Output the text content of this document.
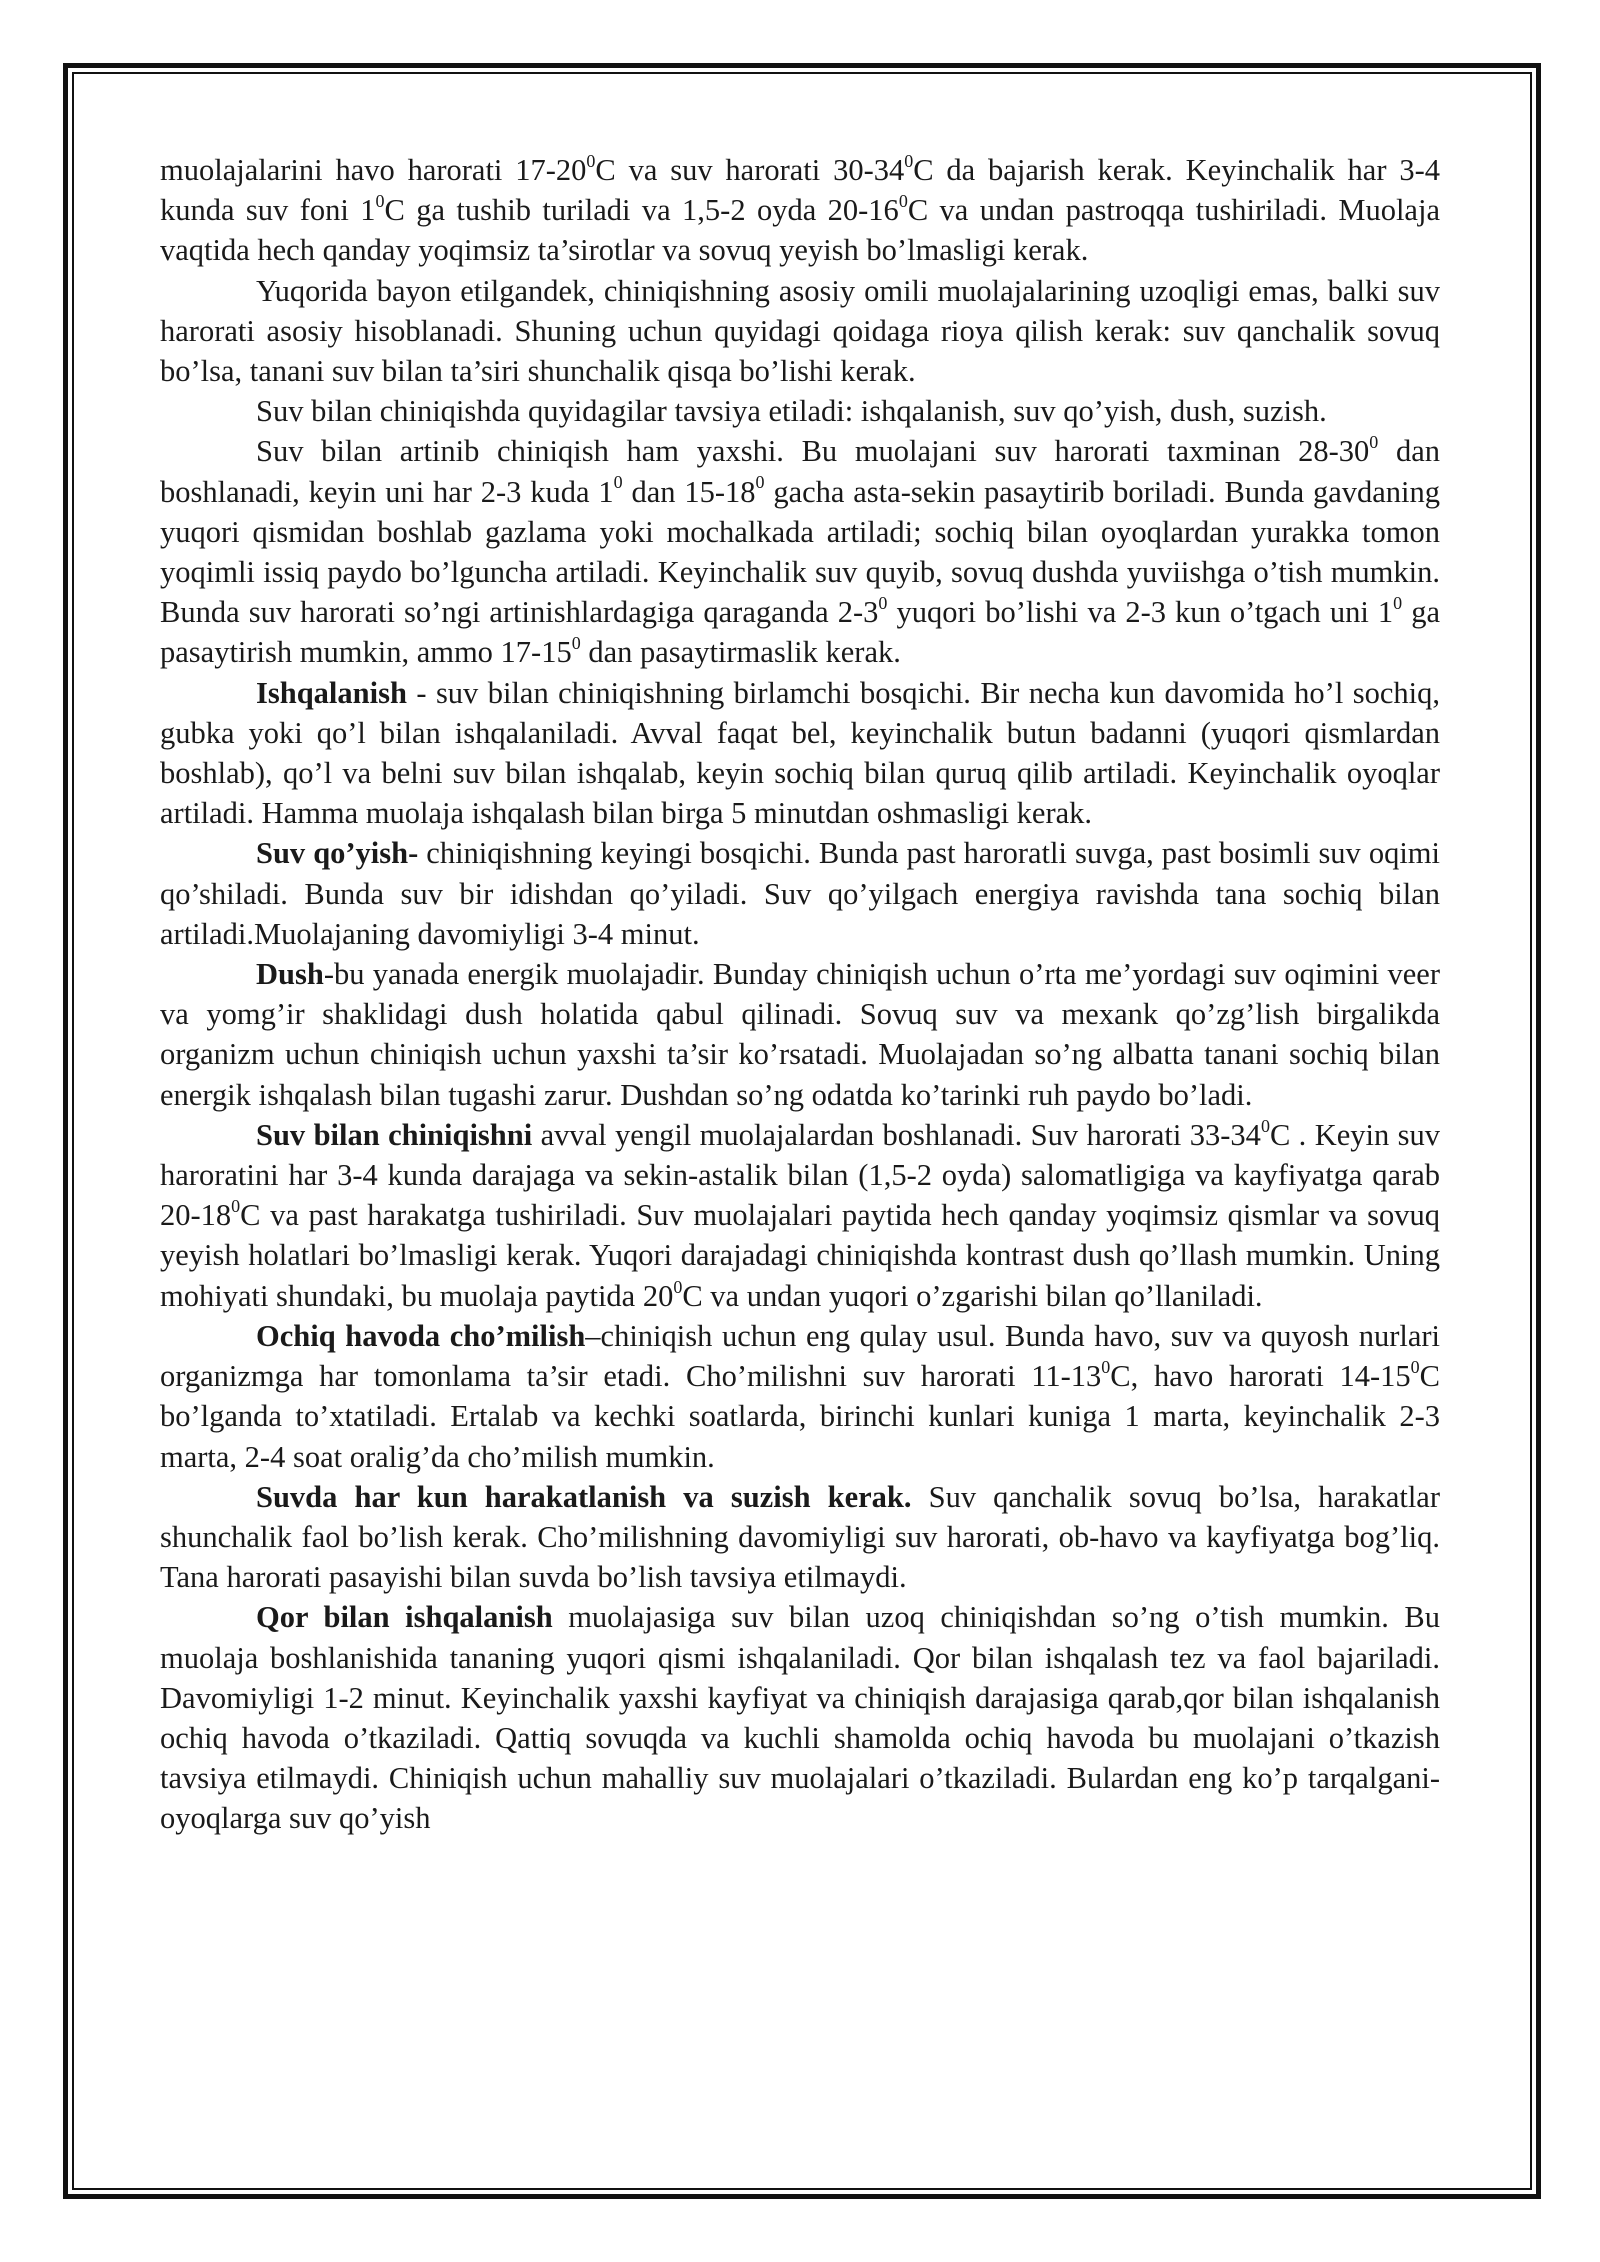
muolajalarini havo harorati $17-20^0C$ va suv harorati $30-34^0C$ da bajarish kerak. Keyinchalik har 3-4 kunda suv foni $1^0C$ ga tushib turiladi va 1,5-2 oyda $20-16^0C$ va undan pastroqqa tushiriladi. Muolaja vaqtida hech qanday yoqimsiz ta’sirotlar va sovuq yeyish bo’lmasligi kerak.

Yuqorida bayon etilgandek, chiniqishning asosiy omili muolajalarining uzoqligi emas, balki suv harorati asosiy hisoblanadi. Shuning uchun quyidagi qoidaga rioya qilish kerak: suv qanchalik sovuq bo’lsa, tanani suv bilan ta’siri shunchalik qisqa bo’lishi kerak.

Suv bilan chiniqishda quyidagilar tavsiya etiladi: ishqalanish, suv qo’yish, dush, suzish.

Suv bilan artinib chiniqish ham yaxshi. Bu muolajani suv harorati taxminan $28-30^0$ dan boshlanadi, keyin uni har 2-3 kuda $1^0$ dan $15-18^0$ gacha asta-sekin pasaytirib boriladi. Bunda gavdaning yuqori qismidan boshlab gazlama yoki mochalkada artiladi; sochiq bilan oyoqlardan yurakka tomon yoqimli issiq paydo bo’lguncha artiladi. Keyinchalik suv quyib, sovuq dushda yuviishga o’tish mumkin. Bunda suv harorati so’ngi artinishlardagiga qaraganda $2-3^0$ yuqori bo’lishi va 2-3 kun o’tgach uni $1^0$ ga pasaytirish mumkin, ammo $17-15^0$ dan pasaytirmaslik kerak.

Ishqalanish - suv bilan chiniqishning birlamchi bosqichi. Bir necha kun davomida ho’l sochiq, gubka yoki qo’l bilan ishqalaniladi. Avval faqat bel, keyinchalik butun badanni (yuqori qismlardan boshlab), qo’l va belni suv bilan ishqalab, keyin sochiq bilan quruq qilib artiladi. Keyinchalik oyoqlar artiladi. Hamma muolaja ishqalash bilan birga 5 minutdan oshmasligi kerak.

Suv qo’yish- chiniqishning keyingi bosqichi. Bunda past haroratli suvga, past bosimli suv oqimi qo’shiladi. Bunda suv bir idishdan qo’yiladi. Suv qo’yilgach energiya ravishda tana sochiq bilan artiladi.Muolajaning davomiyligi 3-4 minut.

Dush-bu yanada energik muolajadir. Bunday chiniqish uchun o’rta me’yordagi suv oqimini veer va yomg’ir shaklidagi dush holatida qabul qilinadi. Sovuq suv va mexank qo’zg’lish birgalikda organizm uchun chiniqish uchun yaxshi ta’sir ko’rsatadi. Muolajadan so’ng albatta tanani sochiq bilan energik ishqalash bilan tugashi zarur. Dushdan so’ng odatda ko’tarinki ruh paydo bo’ladi.

Suv bilan chiniqishni avval yengil muolajalardan boshlanadi. Suv harorati $33-34^0C$ . Keyin suv haroratini har 3-4 kunda darajaga va sekin-astalik bilan (1,5-2 oyda) salomatligiga va kayfiyatga qarab $20-18^0C$ va past harakatga tushiriladi. Suv muolajalari paytida hech qanday yoqimsiz qismlar va sovuq yeyish holatlari bo’lmasligi kerak. Yuqori darajadagi chiniqishda kontrast dush qo’llash mumkin. Uning mohiyati shundaki, bu muolaja paytida $20^0C$ va undan yuqori o’zgarishi bilan qo’llaniladi.

Ochiq havoda cho’milish–chiniqish uchun eng qulay usul. Bunda havo, suv va quyosh nurlari organizmga har tomonlama ta’sir etadi. Cho’milishni suv harorati $11-13^0C$, havo harorati $14-15^0C$ bo’lganda to’xtatiladi. Ertalab va kechki soatlarda, birinchi kunlari kuniga 1 marta, keyinchalik 2-3 marta, 2-4 soat oralig’da cho’milish mumkin.

Suvda har kun harakatlanish va suzish kerak. Suv qanchalik sovuq bo’lsa, harakatlar shunchalik faol bo’lish kerak. Cho’milishning davomiyligi suv harorati, ob-havo va kayfiyatga bog’liq. Tana harorati pasayishi bilan suvda bo’lish tavsiya etilmaydi.

Qor bilan ishqalanish muolajasiga suv bilan uzoq chiniqishdan so’ng o’tish mumkin. Bu muolaja boshlanishida tananing yuqori qismi ishqalaniladi. Qor bilan ishqalash tez va faol bajariladi. Davomiyligi 1-2 minut. Keyinchalik yaxshi kayfiyat va chiniqish darajasiga qarab,qor bilan ishqalanish ochiq havoda o’tkaziladi. Qattiq sovuqda va kuchli shamolda ochiq havoda bu muolajani o’tkazish tavsiya etilmaydi. Chiniqish uchun mahalliy suv muolajalari o’tkaziladi. Bulardan eng ko’p tarqalgani-oyoqlarga suv qo’yish
